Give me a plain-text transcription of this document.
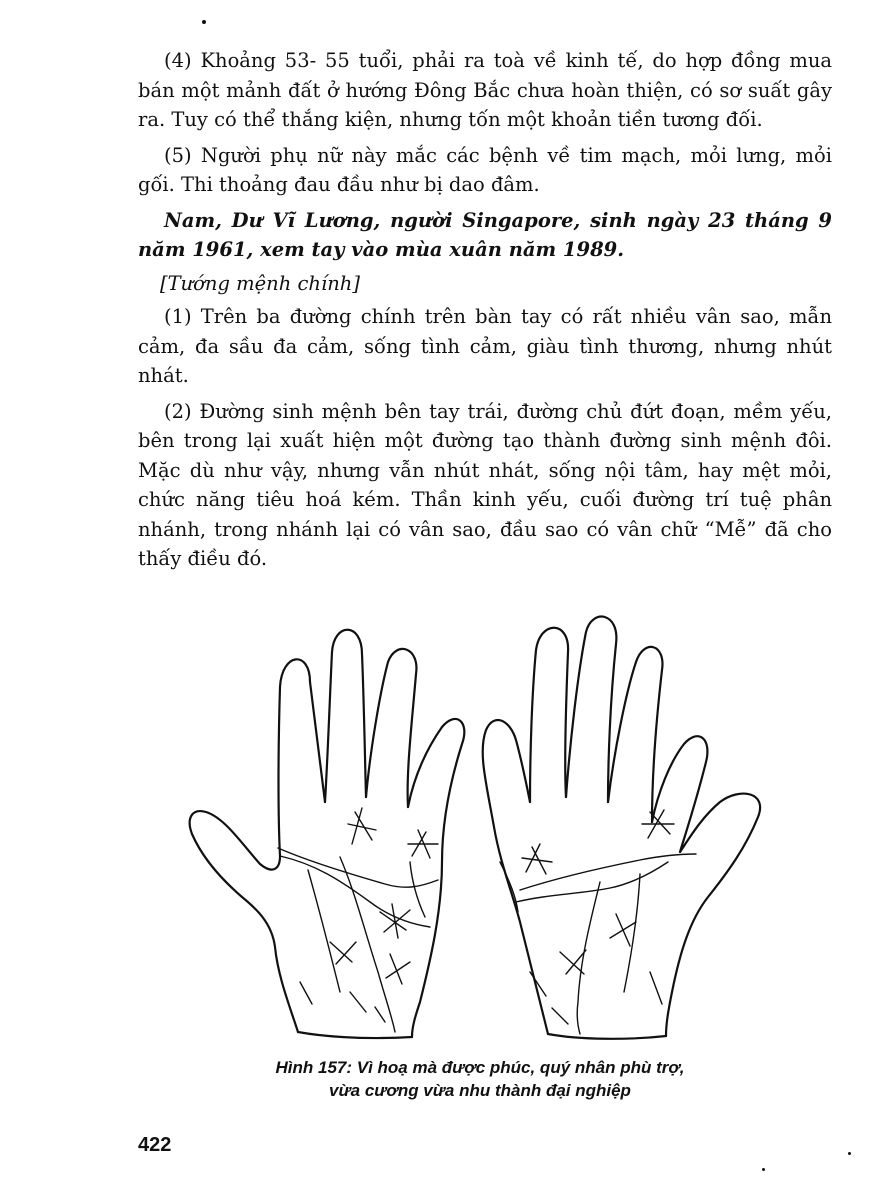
(4) Khoảng 53- 55 tuổi, phải ra toà về kinh tế, do hợp đồng mua bán một mảnh đất ở hướng Đông Bắc chưa hoàn thiện, có sơ suất gây ra. Tuy có thể thắng kiện, nhưng tốn một khoản tiền tương đối.

(5) Người phụ nữ này mắc các bệnh về tim mạch, mỏi lưng, mỏi gối. Thi thoảng đau đầu như bị dao đâm.

Nam, Dư Vĩ Lương, người Singapore, sinh ngày 23 tháng 9 năm 1961, xem tay vào mùa xuân năm 1989.

[Tướng mệnh chính]

(1) Trên ba đường chính trên bàn tay có rất nhiều vân sao, mẫn cảm, đa sầu đa cảm, sống tình cảm, giàu tình thương, nhưng nhút nhát.

(2) Đường sinh mệnh bên tay trái, đường chủ đứt đoạn, mềm yếu, bên trong lại xuất hiện một đường tạo thành đường sinh mệnh đôi. Mặc dù như vậy, nhưng vẫn nhút nhát, sống nội tâm, hay mệt mỏi, chức năng tiêu hoá kém. Thần kinh yếu, cuối đường trí tuệ phân nhánh, trong nhánh lại có vân sao, đầu sao có vân chữ “Mễ” đã cho thấy điều đó.

Hình 157: Vì hoạ mà được phúc, quý nhân phù trợ,
vừa cương vừa nhu thành đại nghiệp
422
